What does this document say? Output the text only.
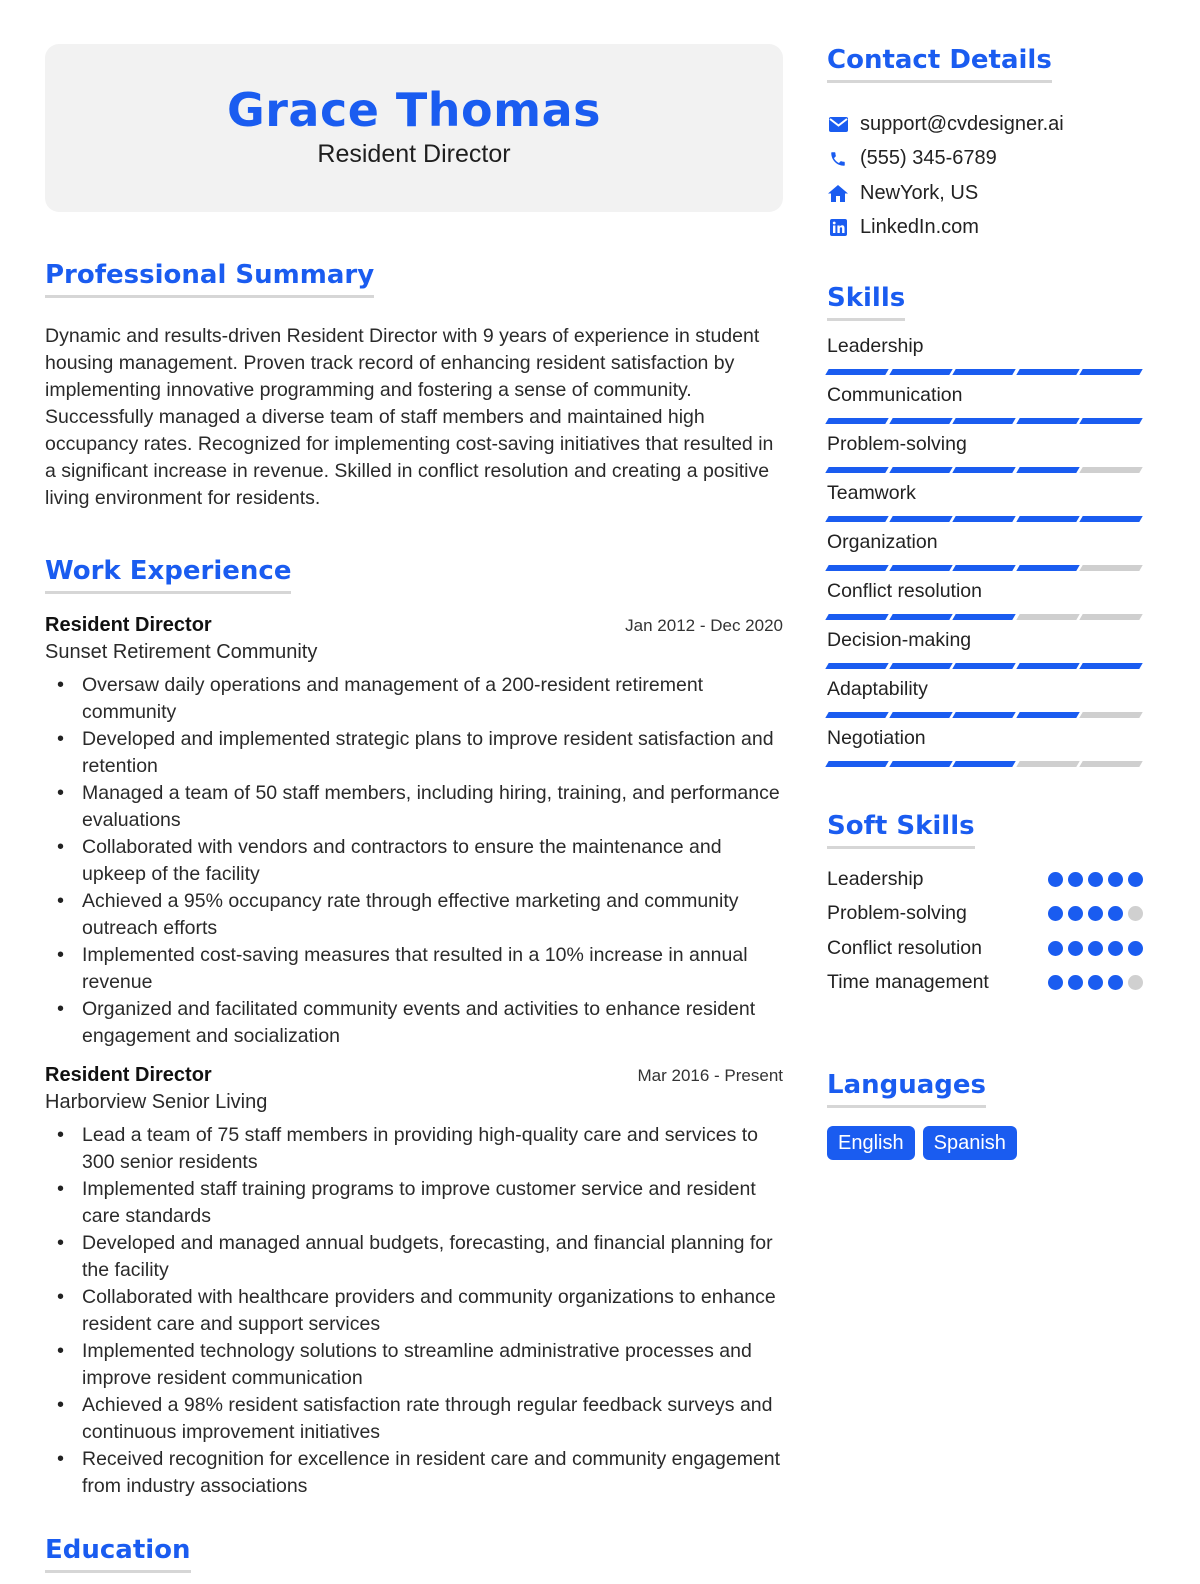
Grace Thomas
Resident Director
Professional Summary

Dynamic and results-driven Resident Director with 9 years of experience in student housing management. Proven track record of enhancing resident satisfaction by implementing innovative programming and fostering a sense of community. Successfully managed a diverse team of staff members and maintained high occupancy rates. Recognized for implementing cost-saving initiatives that resulted in a significant increase in revenue. Skilled in conflict resolution and creating a positive living environment for residents.

Work Experience
Resident Director	Jan 2012 - Dec 2020
Sunset Retirement Community
• Oversaw daily operations and management of a 200-resident retirement community
• Developed and implemented strategic plans to improve resident satisfaction and retention
• Managed a team of 50 staff members, including hiring, training, and performance evaluations
• Collaborated with vendors and contractors to ensure the maintenance and upkeep of the facility
• Achieved a 95% occupancy rate through effective marketing and community outreach efforts
• Implemented cost-saving measures that resulted in a 10% increase in annual revenue
• Organized and facilitated community events and activities to enhance resident engagement and socialization
Resident Director	Mar 2016 - Present
Harborview Senior Living
• Lead a team of 75 staff members in providing high-quality care and services to 300 senior residents
• Implemented staff training programs to improve customer service and resident care standards
• Developed and managed annual budgets, forecasting, and financial planning for the facility
• Collaborated with healthcare providers and community organizations to enhance resident care and support services
• Implemented technology solutions to streamline administrative processes and improve resident communication
• Achieved a 98% resident satisfaction rate through regular feedback surveys and continuous improvement initiatives
• Received recognition for excellence in resident care and community engagement from industry associations
Education
Contact Details
support@cvdesigner.ai
(555) 345-6789
NewYork, US
LinkedIn.com
Skills
Leadership
Communication
Problem-solving
Teamwork
Organization
Conflict resolution
Decision-making
Adaptability
Negotiation
Soft Skills
Leadership
Problem-solving
Conflict resolution
Time management
Languages
English	Spanish
